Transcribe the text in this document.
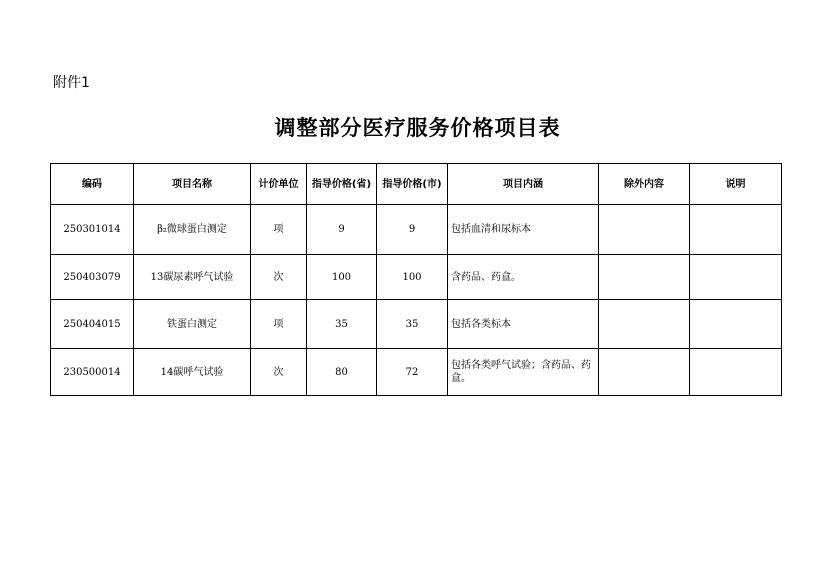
附件1
调整部分医疗服务价格项目表
编码	项目名称	计价单位	指导价格(省)	指导价格(市)	项目内涵	除外内容	说明
250301014	β₂微球蛋白测定	项	9	9	包括血清和尿标本		
250403079	13碳尿素呼气试验	次	100	100	含药品、药盒。		
250404015	铁蛋白测定	项	35	35	包括各类标本		
230500014	14碳呼气试验	次	80	72	包括各类呼气试验；含药品、药盒。		
